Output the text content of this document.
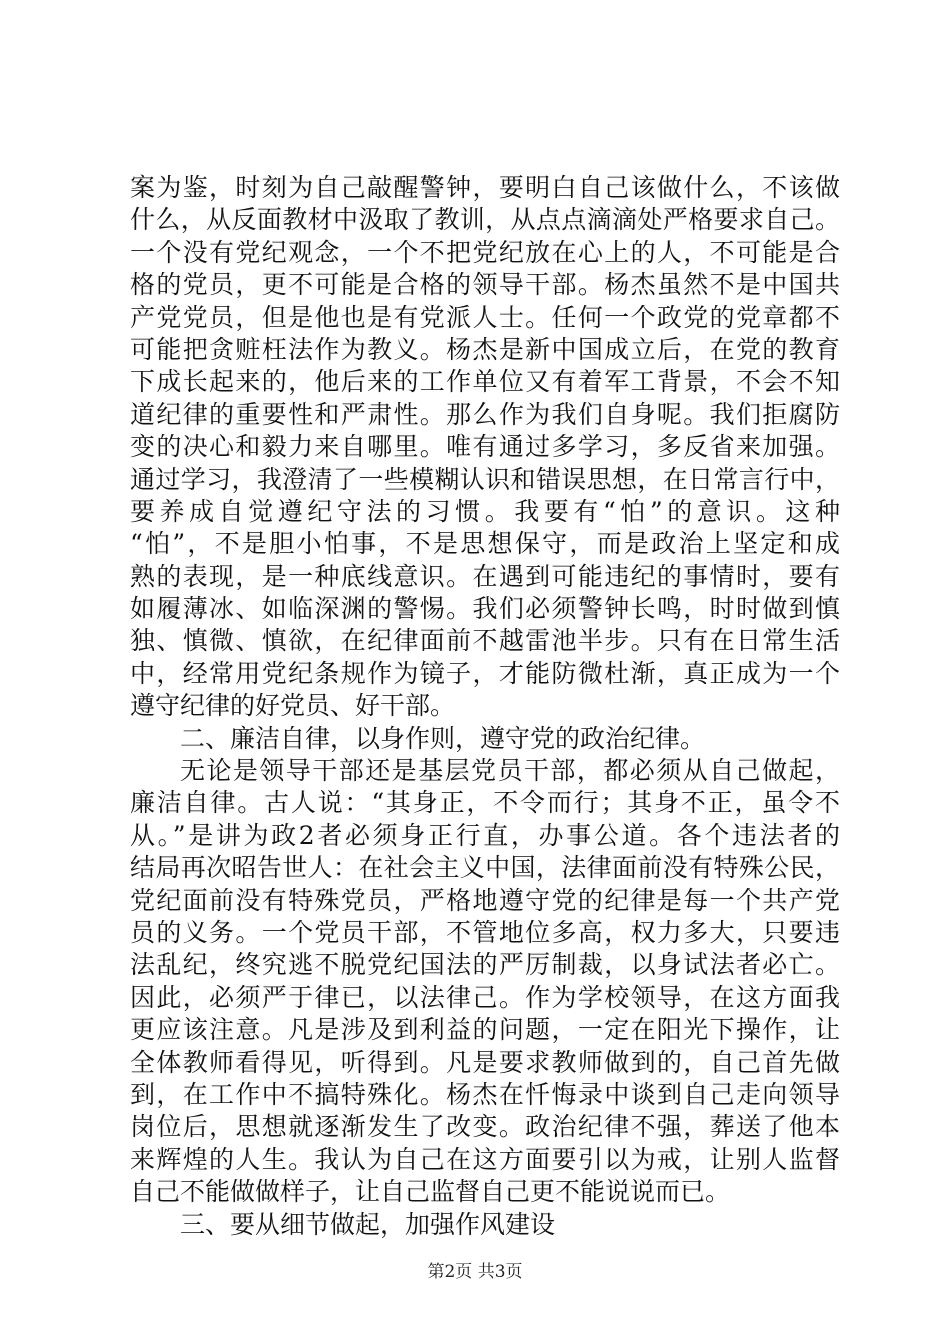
案为鉴，时刻为自己敲醒警钟，要明白自己该做什么，不该做
什么，从反面教材中汲取了教训，从点点滴滴处严格要求自己。
一个没有党纪观念，一个不把党纪放在心上的人，不可能是合
格的党员，更不可能是合格的领导干部。杨杰虽然不是中国共
产党党员，但是他也是有党派人士。任何一个政党的党章都不
可能把贪赃枉法作为教义。杨杰是新中国成立后，在党的教育
下成长起来的，他后来的工作单位又有着军工背景，不会不知
道纪律的重要性和严肃性。那么作为我们自身呢。我们拒腐防
变的决心和毅力来自哪里。唯有通过多学习，多反省来加强。
通过学习，我澄清了一些模糊认识和错误思想，在日常言行中，
要养成自觉遵纪守法的习惯。我要有“怕”的意识。这种
“怕”，不是胆小怕事，不是思想保守，而是政治上坚定和成
熟的表现，是一种底线意识。在遇到可能违纪的事情时，要有
如履薄冰、如临深渊的警惕。我们必须警钟长鸣，时时做到慎
独、慎微、慎欲，在纪律面前不越雷池半步。只有在日常生活
中，经常用党纪条规作为镜子，才能防微杜渐，真正成为一个
遵守纪律的好党员、好干部。
二、廉洁自律，以身作则，遵守党的政治纪律。
无论是领导干部还是基层党员干部，都必须从自己做起，
廉洁自律。古人说：“其身正，不令而行；其身不正，虽令不
从。”是讲为政2者必须身正行直，办事公道。各个违法者的
结局再次昭告世人：在社会主义中国，法律面前没有特殊公民，
党纪面前没有特殊党员，严格地遵守党的纪律是每一个共产党
员的义务。一个党员干部，不管地位多高，权力多大，只要违
法乱纪，终究逃不脱党纪国法的严厉制裁，以身试法者必亡。
因此，必须严于律已，以法律己。作为学校领导，在这方面我
更应该注意。凡是涉及到利益的问题，一定在阳光下操作，让
全体教师看得见，听得到。凡是要求教师做到的，自己首先做
到，在工作中不搞特殊化。杨杰在忏悔录中谈到自己走向领导
岗位后，思想就逐渐发生了改变。政治纪律不强，葬送了他本
来辉煌的人生。我认为自己在这方面要引以为戒，让别人监督
自己不能做做样子，让自己监督自己更不能说说而已。
三、要从细节做起，加强作风建设
第2页 共3页
